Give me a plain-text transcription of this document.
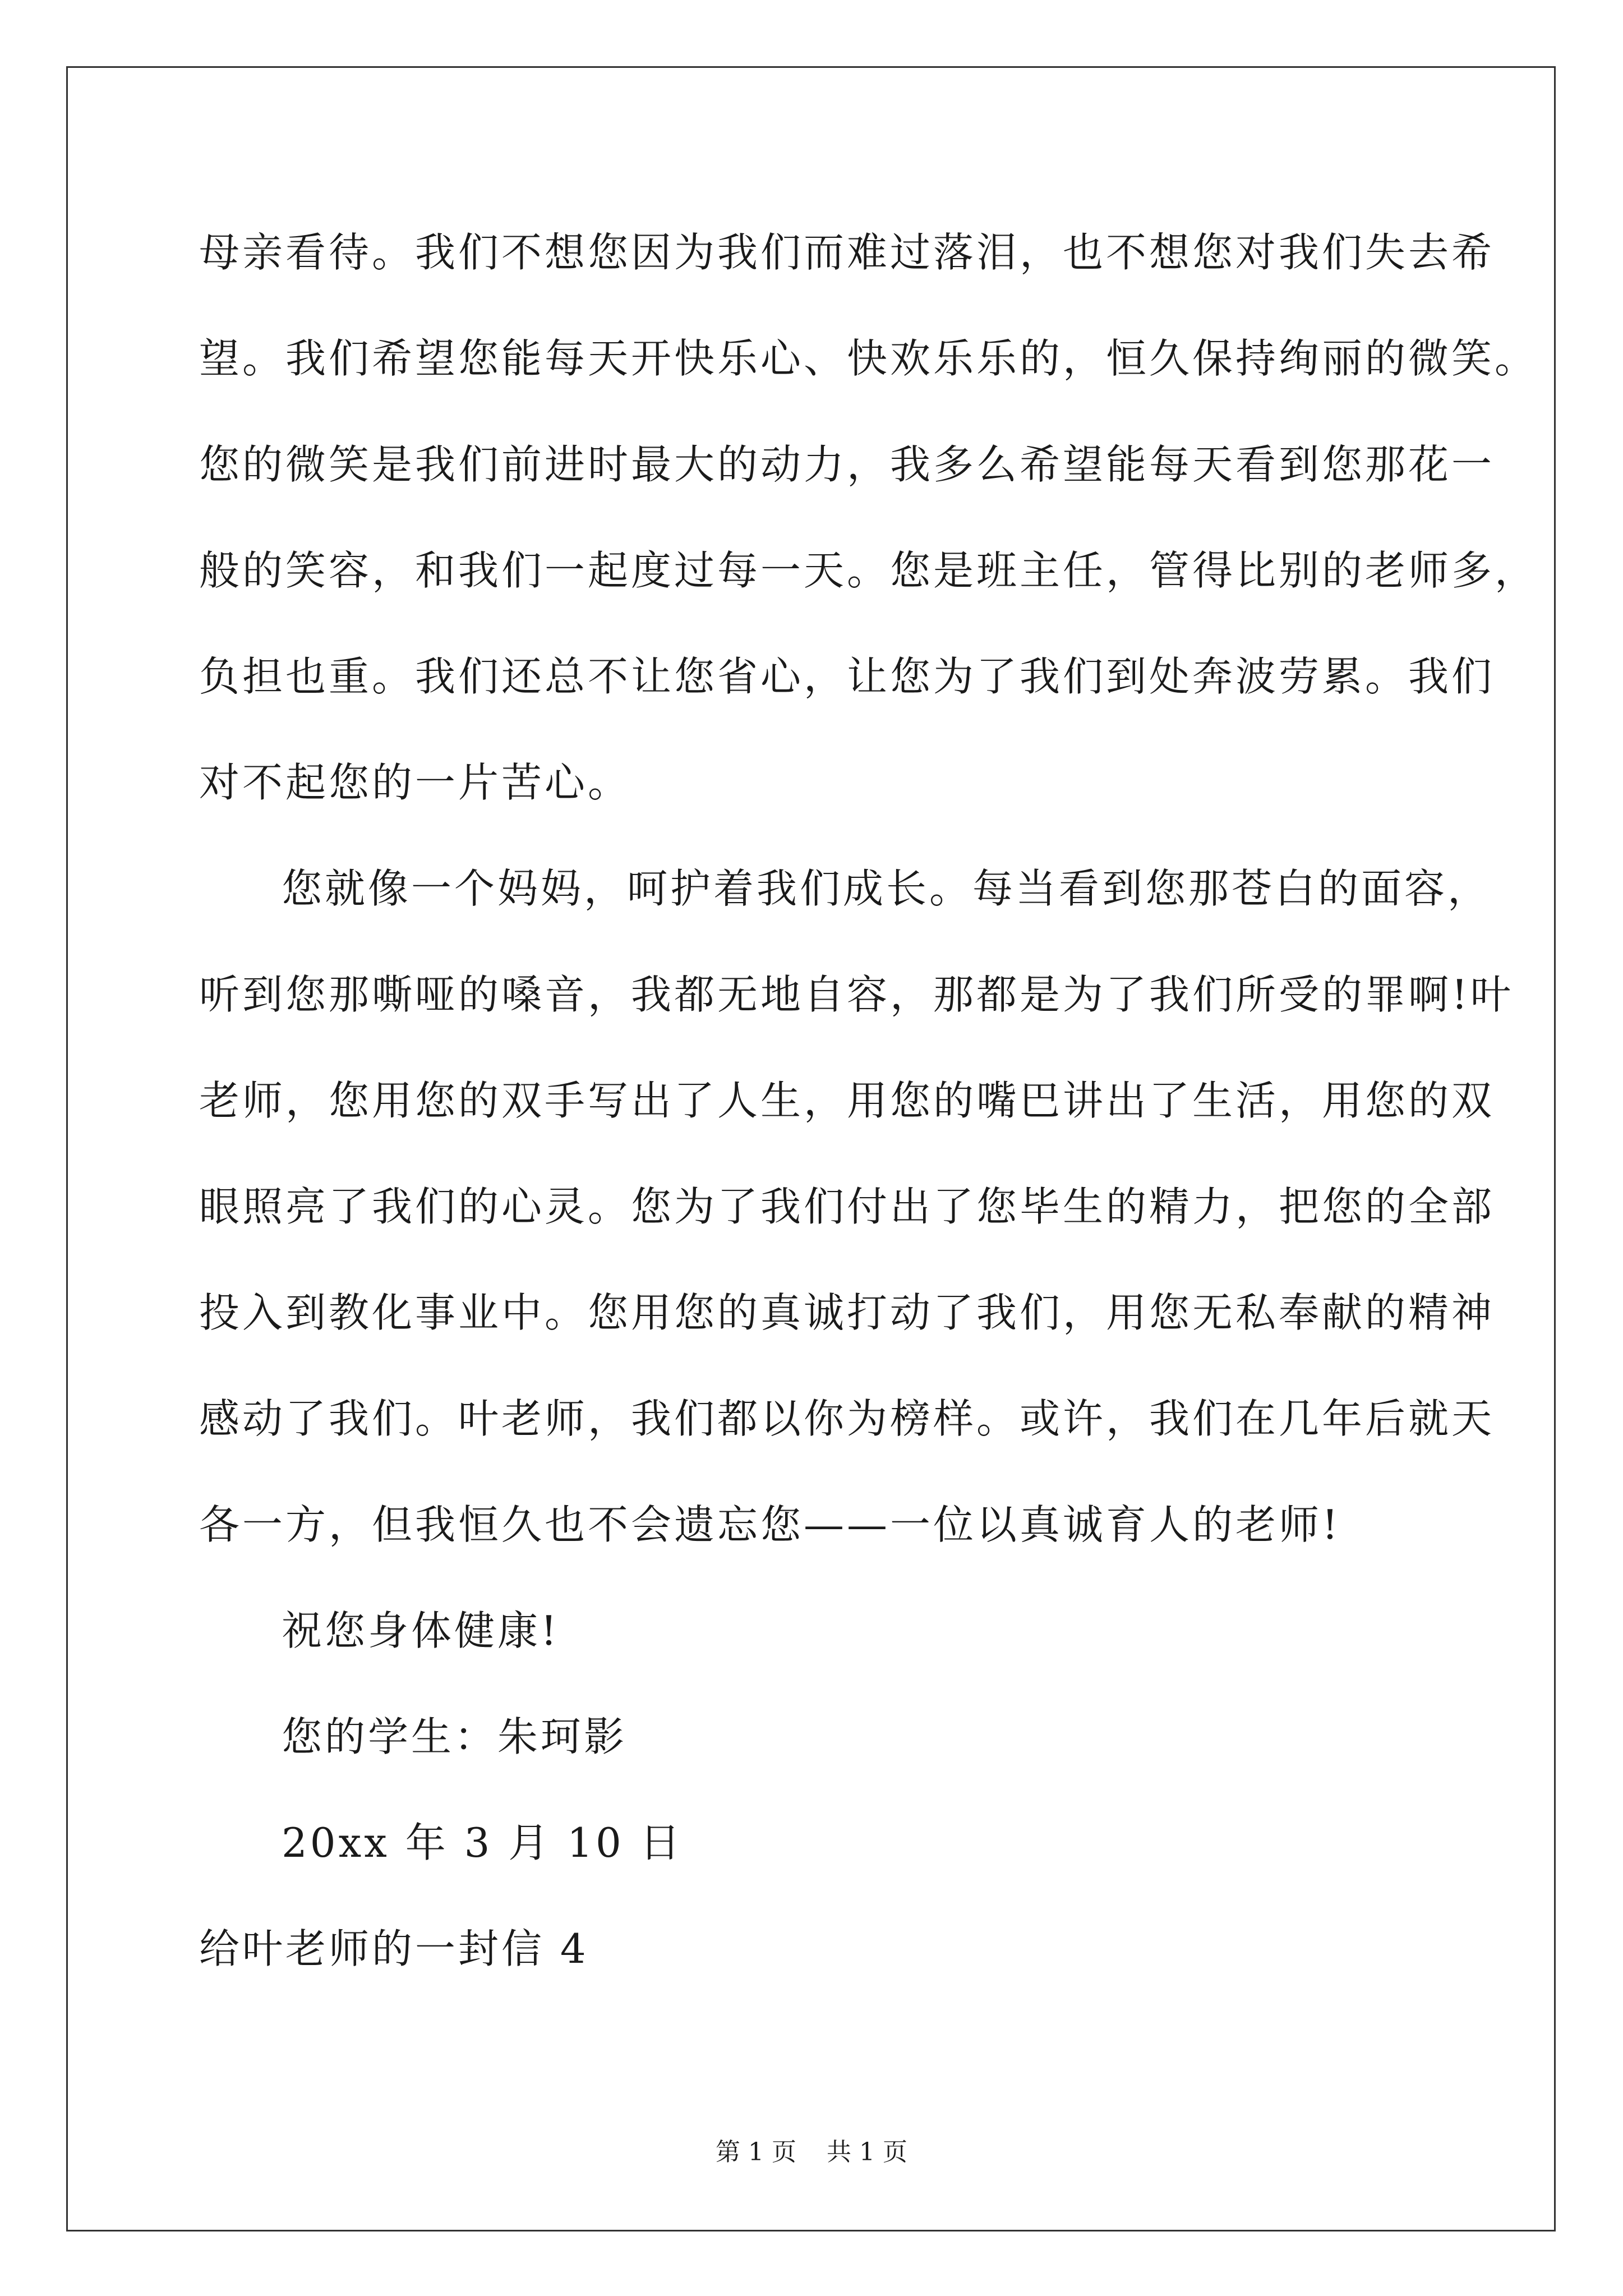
母亲看待。我们不想您因为我们而难过落泪，也不想您对我们失去希
望。我们希望您能每天开快乐心、快欢乐乐的，恒久保持绚丽的微笑。
您的微笑是我们前进时最大的动力，我多么希望能每天看到您那花一
般的笑容，和我们一起度过每一天。您是班主任，管得比别的老师多，
负担也重。我们还总不让您省心，让您为了我们到处奔波劳累。我们
对不起您的一片苦心。
您就像一个妈妈，呵护着我们成长。每当看到您那苍白的面容，
听到您那嘶哑的嗓音，我都无地自容，那都是为了我们所受的罪啊!叶
老师，您用您的双手写出了人生，用您的嘴巴讲出了生活，用您的双
眼照亮了我们的心灵。您为了我们付出了您毕生的精力，把您的全部
投入到教化事业中。您用您的真诚打动了我们，用您无私奉献的精神
感动了我们。叶老师，我们都以你为榜样。或许，我们在几年后就天
各一方，但我恒久也不会遗忘您——一位以真诚育人的老师!
祝您身体健康!
您的学生：朱珂影
20xx 年 3 月 10 日
给叶老师的一封信 4
第 1 页 共 1 页
